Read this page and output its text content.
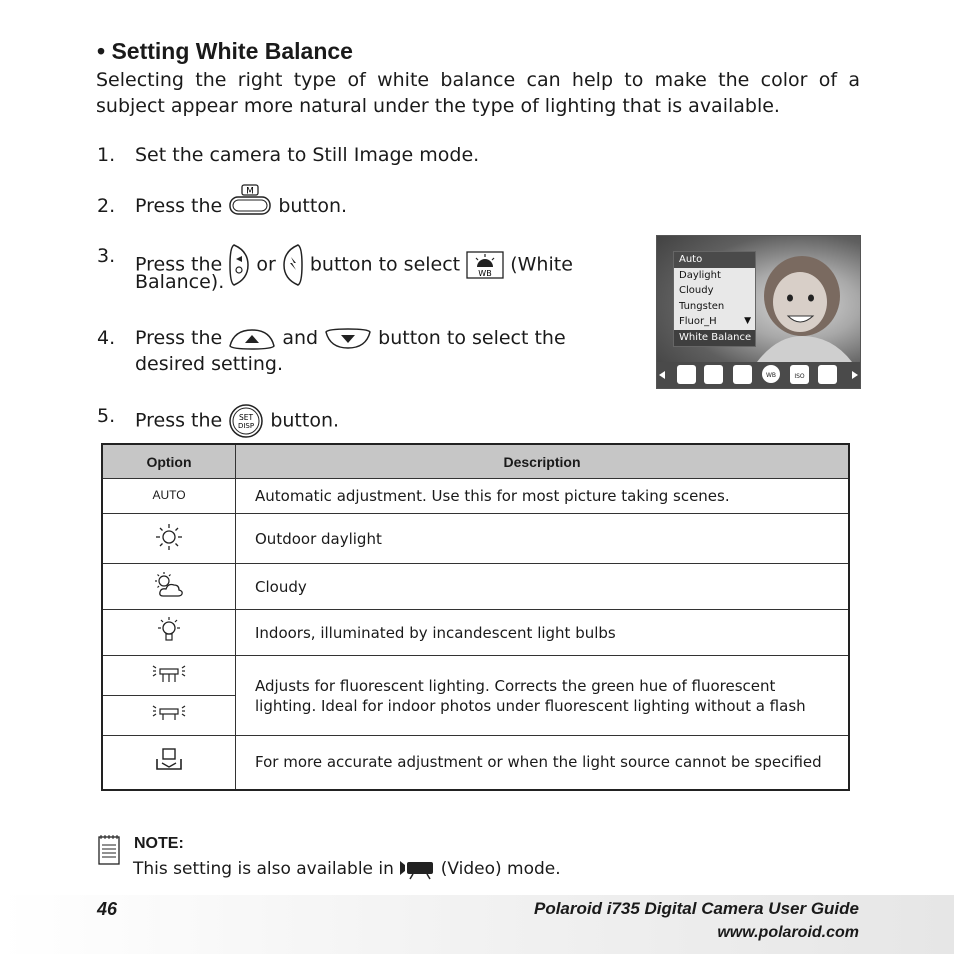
• Setting White Balance
Selecting the right type of white balance can help to make the color of a subject appear more natural under the type of lighting that is available.
1. Set the camera to Still Image mode.
2. Press the
M
button.
3. Press the or button to select WB (White
Balance).
4. Press the	and	button to select the
desired setting.
5. Press the SET
DISP button.
Auto
Daylight
Cloudy
Tungsten
Fluor_H	▼
White Balance
WB	ISO
Option	Description
AUTO	Automatic adjustment. Use this for most picture taking scenes.
	Outdoor daylight
	Cloudy
	Indoors, illuminated by incandescent light bulbs
	Adjusts for fluorescent lighting. Corrects the green hue of fluorescent lighting. Ideal for indoor photos under fluorescent lighting without a flash

	For more accurate adjustment or when the light source cannot be specified
NOTE:
This setting is also available in	(Video) mode.
46	Polaroid i735 Digital Camera User Guide
www.polaroid.com
